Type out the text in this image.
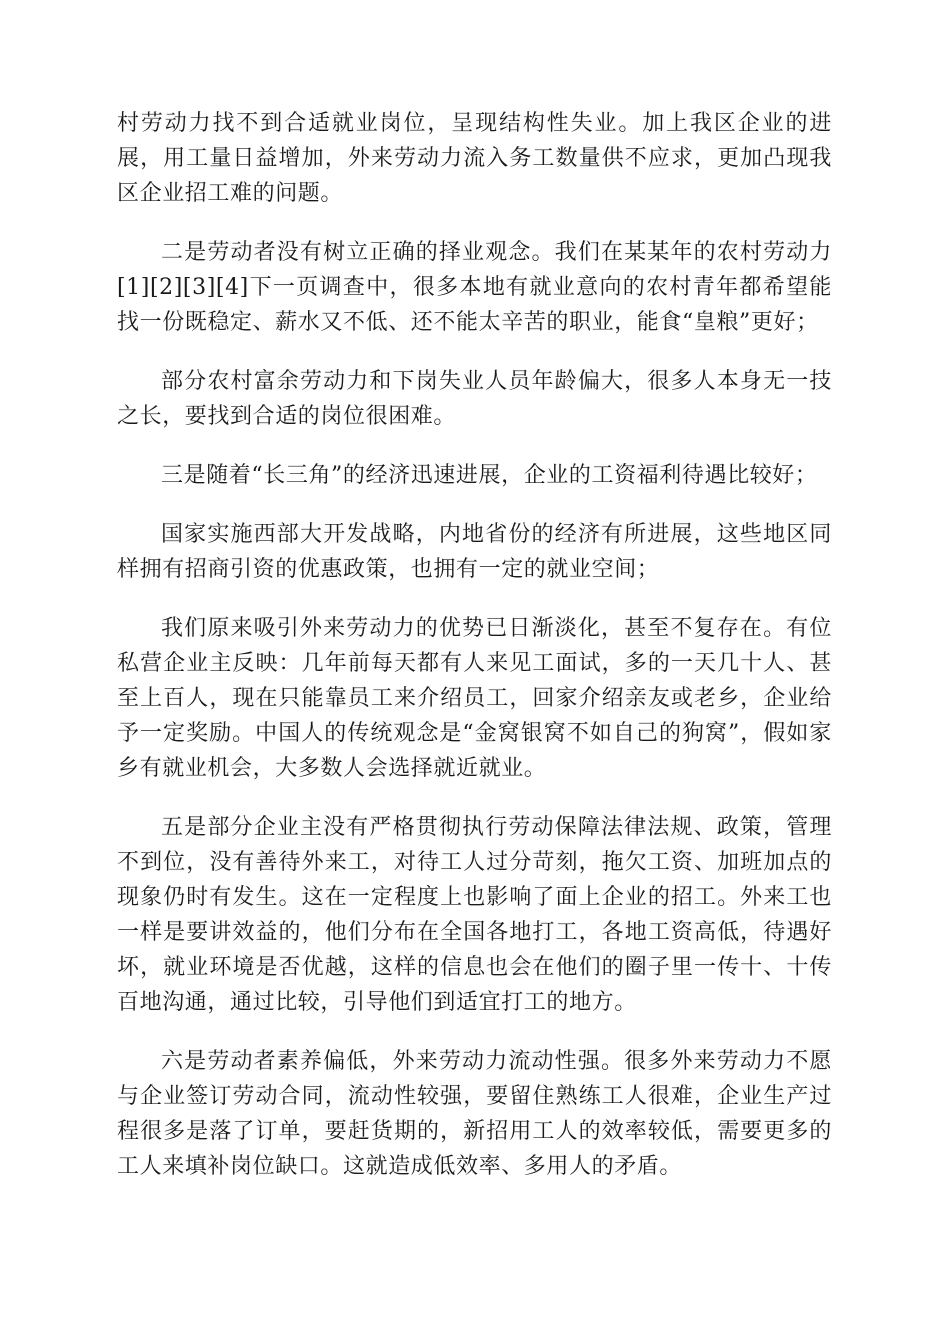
村劳动力找不到合适就业岗位，呈现结构性失业。加上我区企业的进展，用工量日益增加，外来劳动力流入务工数量供不应求，更加凸现我区企业招工难的问题。

二是劳动者没有树立正确的择业观念。我们在某某年的农村劳动力[1][2][3][4]下一页调查中，很多本地有就业意向的农村青年都希望能找一份既稳定、薪水又不低、还不能太辛苦的职业，能食“皇粮”更好；

部分农村富余劳动力和下岗失业人员年龄偏大，很多人本身无一技之长，要找到合适的岗位很困难。

三是随着“长三角”的经济迅速进展，企业的工资福利待遇比较好；

国家实施西部大开发战略，内地省份的经济有所进展，这些地区同样拥有招商引资的优惠政策，也拥有一定的就业空间；

我们原来吸引外来劳动力的优势已日渐淡化，甚至不复存在。有位私营企业主反映：几年前每天都有人来见工面试，多的一天几十人、甚至上百人，现在只能靠员工来介绍员工，回家介绍亲友或老乡，企业给予一定奖励。中国人的传统观念是“金窝银窝不如自己的狗窝”，假如家乡有就业机会，大多数人会选择就近就业。

五是部分企业主没有严格贯彻执行劳动保障法律法规、政策，管理不到位，没有善待外来工，对待工人过分苛刻，拖欠工资、加班加点的现象仍时有发生。这在一定程度上也影响了面上企业的招工。外来工也一样是要讲效益的，他们分布在全国各地打工，各地工资高低，待遇好坏，就业环境是否优越，这样的信息也会在他们的圈子里一传十、十传百地沟通，通过比较，引导他们到适宜打工的地方。

六是劳动者素养偏低，外来劳动力流动性强。很多外来劳动力不愿与企业签订劳动合同，流动性较强，要留住熟练工人很难，企业生产过程很多是落了订单，要赶货期的，新招用工人的效率较低，需要更多的工人来填补岗位缺口。这就造成低效率、多用人的矛盾。
